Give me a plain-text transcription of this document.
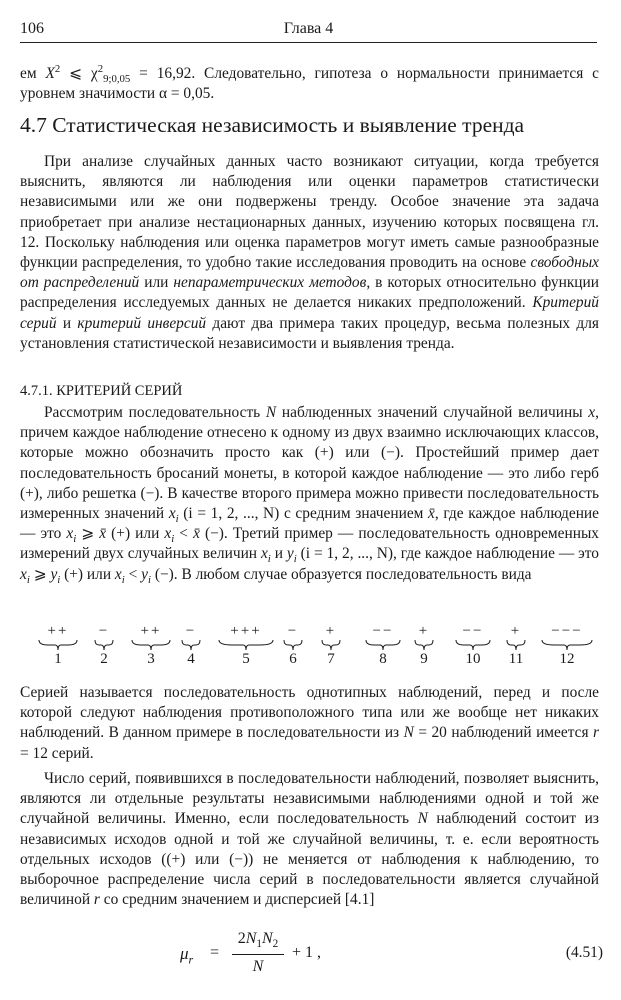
106	Глава 4
ем $X^2$ ⩽ $\chi^2_{9;0,05} = 16,92$. Следовательно, гипотеза о нормальности принимается с уровнем значимости α = 0,05.
4.7 Статистическая независимость и выявление тренда
При анализе случайных данных часто возникают ситуации, когда требуется выяснить, являются ли наблюдения или оценки параметров статистически независимыми или же они подвержены тренду. Особое значение эта задача приобретает при анализе нестационарных данных, изучению которых посвящена гл. 12. Поскольку наблюдения или оценка параметров могут иметь самые разнообразные функции распределения, то удобно такие исследования проводить на основе свободных от распределений или непараметрических методов, в которых относительно функции распределения исследуемых данных не делается никаких предположений. Критерий серий и критерий инверсий дают два примера таких процедур, весьма полезных для установления статистической независимости и выявления тренда.
4.7.1. КРИТЕРИЙ СЕРИЙ
Рассмотрим последовательность N наблюденных значений случайной величины x, причем каждое наблюдение отнесено к одному из двух взаимно исключающих классов, которые можно обозначить просто как (+) или (−). Простейший пример дает последовательность бросаний монеты, в которой каждое наблюдение — это либо герб (+), либо решетка (−). В качестве второго примера можно привести последовательность измеренных значений $x_i$ (i = 1, 2, ..., N) с средним значением x̄, где каждое наблюдение — это $x_i$ ⩾ x̄ (+) или $x_i$ < x̄ (−). Третий пример — последовательность одновременных измерений двух случайных величин $x_i$ и $y_i$ (i = 1, 2, ..., N), где каждое наблюдение — это $x_i$ ⩾ $y_i$ (+) или $x_i < y_i$ (−). В любом случае образуется последовательность вида
++
1
−
2
++
3
−
4
+++
5
−
6
+
7
−−
8
+
9
−−
10
+
11
−−−
12
Серией называется последовательность однотипных наблюдений, перед и после которой следуют наблюдения противоположного типа или же вообще нет никаких наблюдений. В данном примере в последовательности из N = 20 наблюдений имеется r = 12 серий.
Число серий, появившихся в последовательности наблюдений, позволяет выяснить, являются ли отдельные результаты независимыми наблюдениями одной и той же случайной величины. Именно, если последовательность N наблюдений состоит из независимых исходов одной и той же случайной величины, т. е. если вероятность отдельных исходов ((+) или (−)) не меняется от наблюдения к наблюдению, то выборочное распределение числа серий в последовательности является случайной величиной r со средним значением и дисперсией [4.1]
$\mu_r$ =
$2N_1N_2$
N
+ 1 ,	(4.51)
